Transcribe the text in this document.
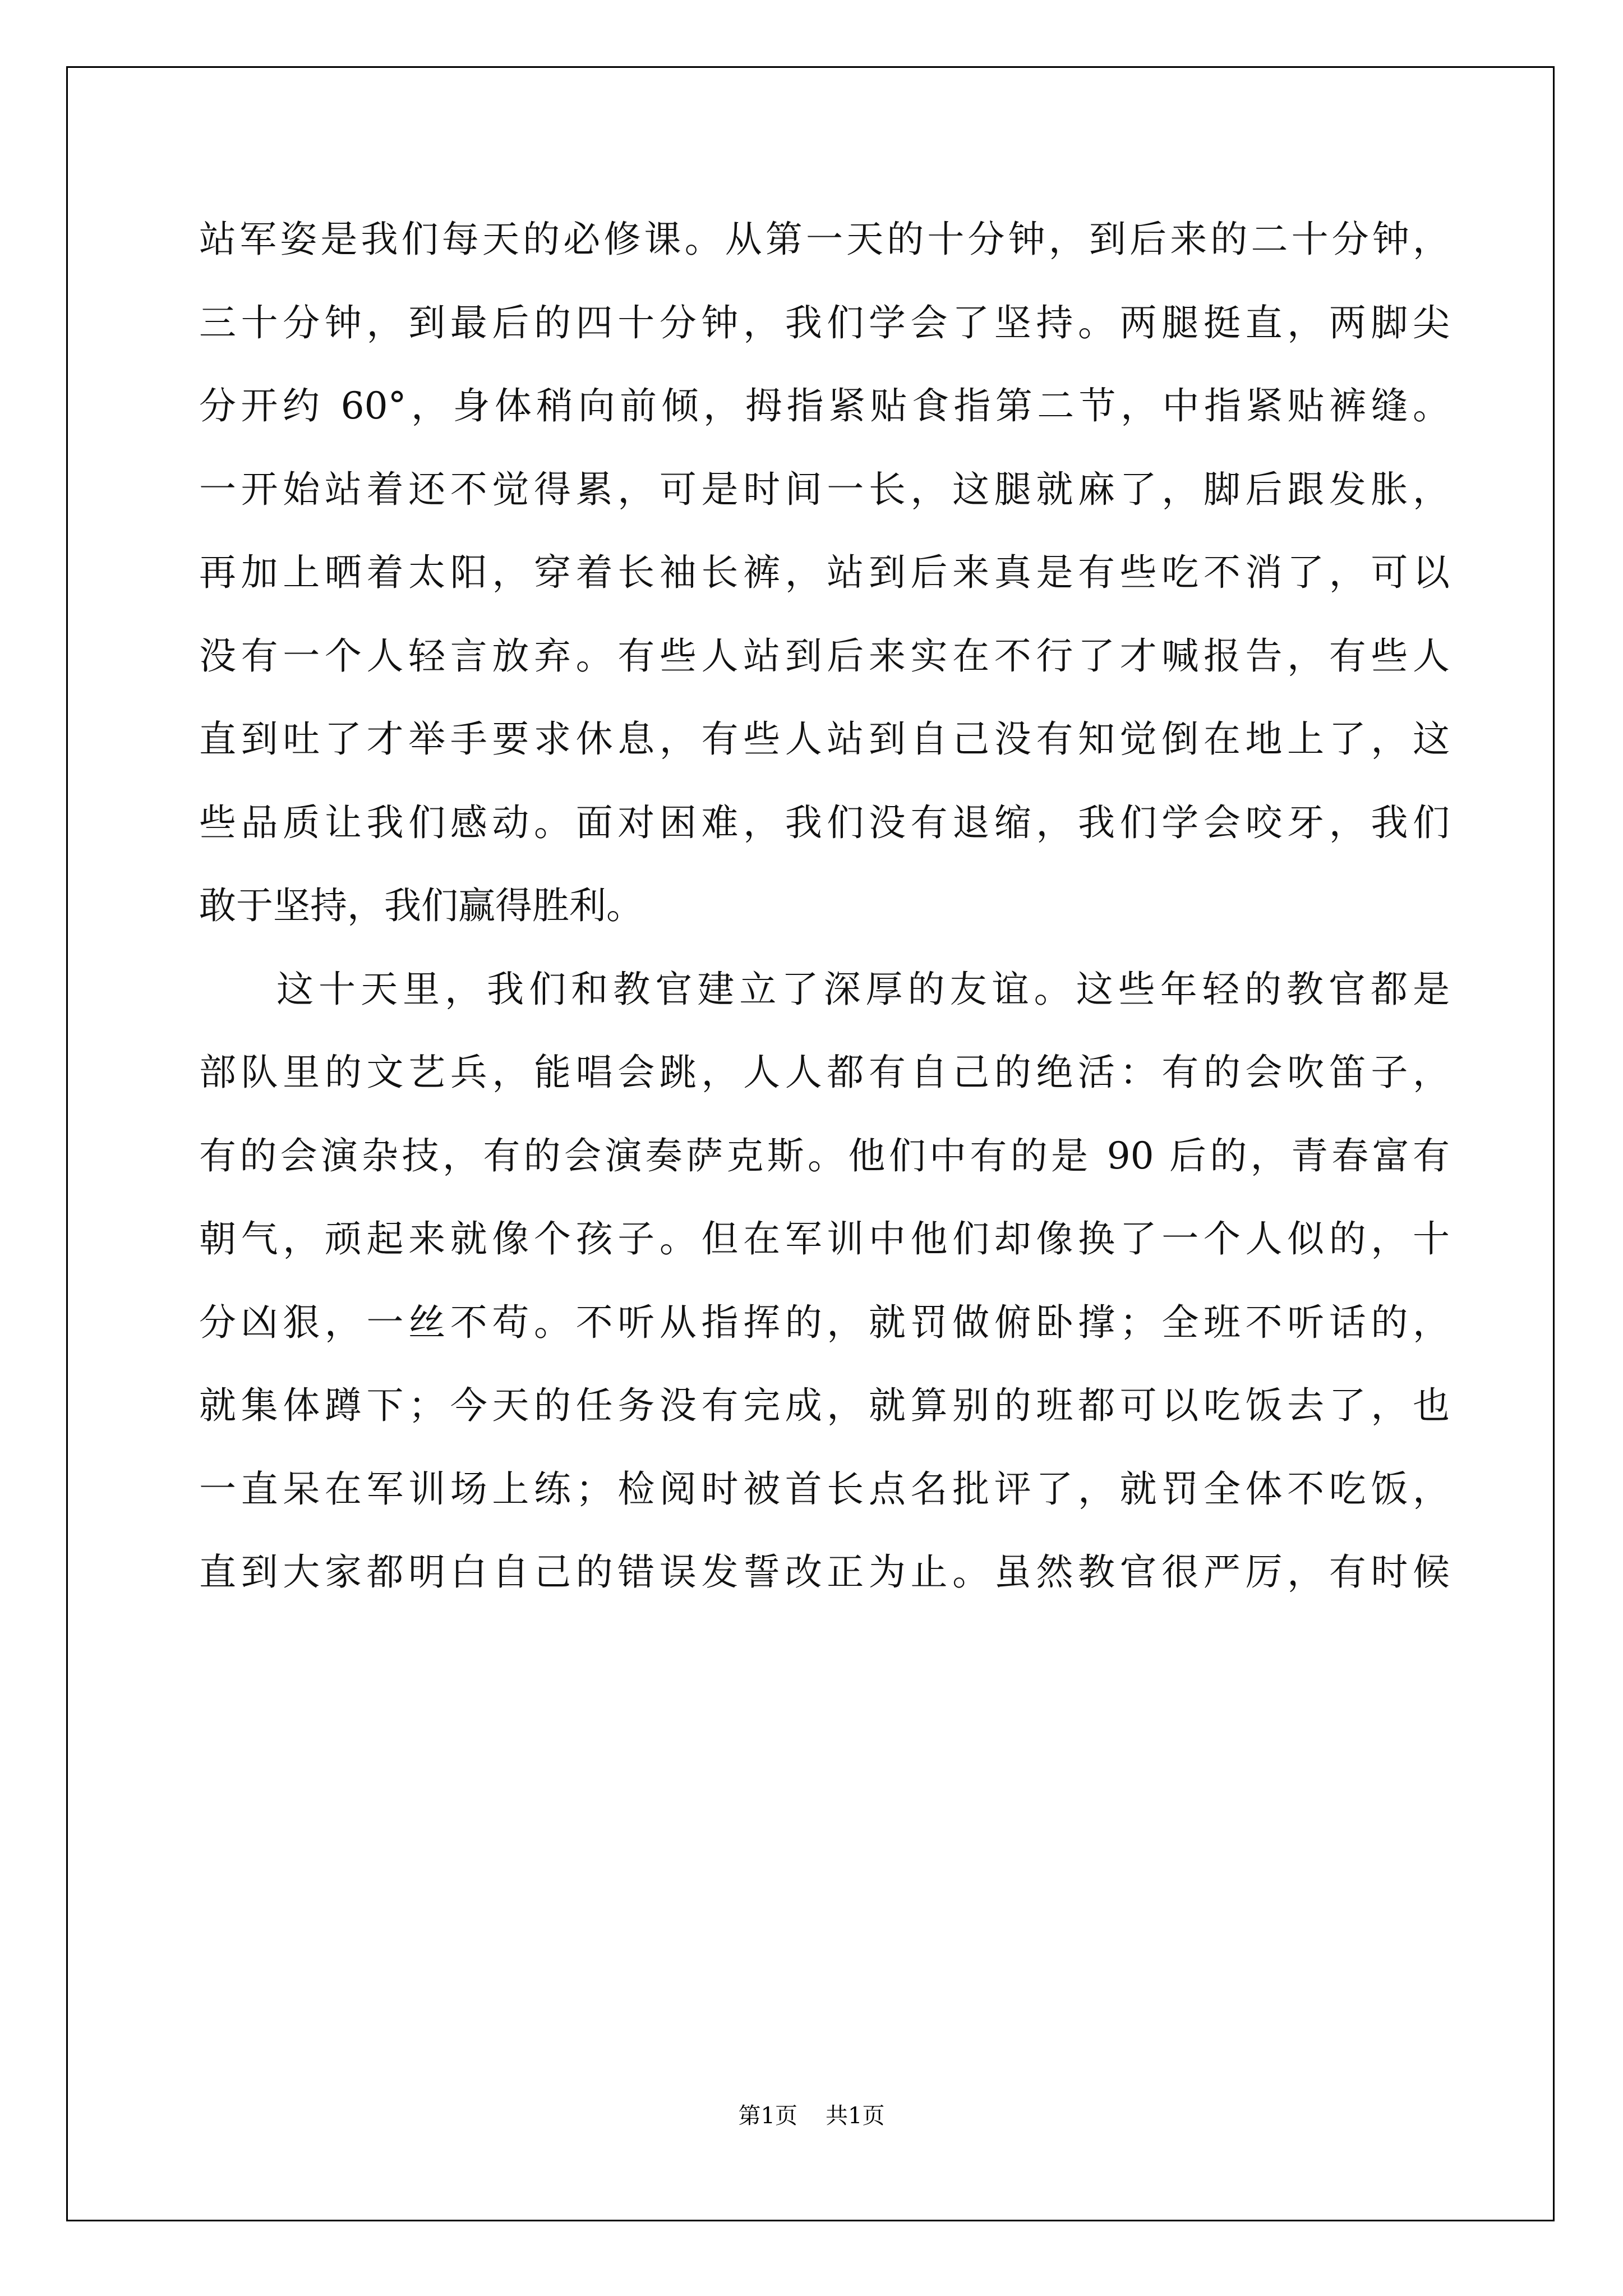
站军姿是我们每天的必修课。从第一天的十分钟，到后来的二十分钟，
三十分钟，到最后的四十分钟，我们学会了坚持。两腿挺直，两脚尖
分开约 60°，身体稍向前倾，拇指紧贴食指第二节，中指紧贴裤缝。
一开始站着还不觉得累，可是时间一长，这腿就麻了，脚后跟发胀，
再加上晒着太阳，穿着长袖长裤，站到后来真是有些吃不消了，可以
没有一个人轻言放弃。有些人站到后来实在不行了才喊报告，有些人
直到吐了才举手要求休息，有些人站到自己没有知觉倒在地上了，这
些品质让我们感动。面对困难，我们没有退缩，我们学会咬牙，我们
敢于坚持，我们赢得胜利。
这十天里，我们和教官建立了深厚的友谊。这些年轻的教官都是
部队里的文艺兵，能唱会跳，人人都有自己的绝活：有的会吹笛子，
有的会演杂技，有的会演奏萨克斯。他们中有的是 90 后的，青春富有
朝气，顽起来就像个孩子。但在军训中他们却像换了一个人似的，十
分凶狠，一丝不苟。不听从指挥的，就罚做俯卧撑；全班不听话的，
就集体蹲下；今天的任务没有完成，就算别的班都可以吃饭去了，也
一直呆在军训场上练；检阅时被首长点名批评了，就罚全体不吃饭，
直到大家都明白自己的错误发誓改正为止。虽然教官很严厉，有时候
第1页 共1页
